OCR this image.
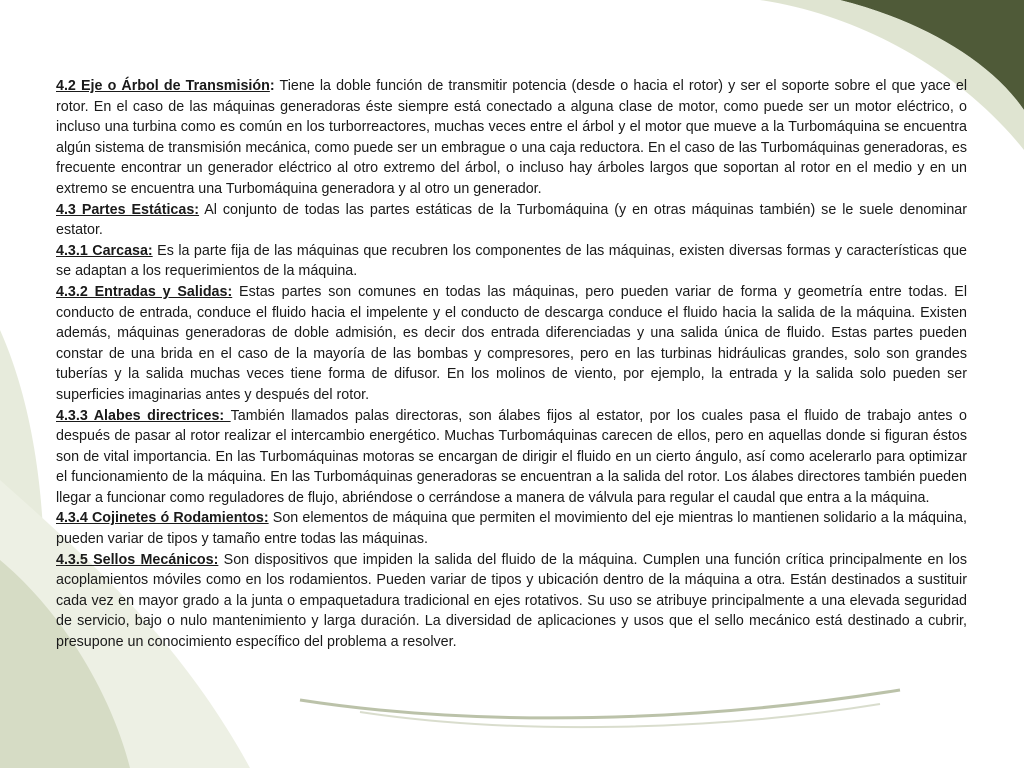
4.2 Eje o Árbol de Transmisión: Tiene la doble función de transmitir potencia (desde o hacia el rotor) y ser el soporte sobre el que yace el rotor. En el caso de las máquinas generadoras éste siempre está conectado a alguna clase de motor, como puede ser un motor eléctrico, o incluso una turbina como es común en los turborreactores, muchas veces entre el árbol y el motor que mueve a la Turbomáquina se encuentra algún sistema de transmisión mecánica, como puede ser un embrague o una caja reductora. En el caso de las Turbomáquinas generadoras, es frecuente encontrar un generador eléctrico al otro extremo del árbol, o incluso hay árboles largos que soportan al rotor en el medio y en un extremo se encuentra una Turbomáquina generadora y al otro un generador.

4.3 Partes Estáticas: Al conjunto de todas las partes estáticas de la Turbomáquina (y en otras máquinas también) se le suele denominar estator.

4.3.1 Carcasa: Es la parte fija de las máquinas que recubren los componentes de las máquinas, existen diversas formas y características que se adaptan a los requerimientos de la máquina.

4.3.2 Entradas y Salidas: Estas partes son comunes en todas las máquinas, pero pueden variar de forma y geometría entre todas. El conducto de entrada, conduce el fluido hacia el impelente y el conducto de descarga conduce el fluido hacia la salida de la máquina. Existen además, máquinas generadoras de doble admisión, es decir dos entrada diferenciadas y una salida única de fluido. Estas partes pueden constar de una brida en el caso de la mayoría de las bombas y compresores, pero en las turbinas hidráulicas grandes, solo son grandes tuberías y la salida muchas veces tiene forma de difusor. En los molinos de viento, por ejemplo, la entrada y la salida solo pueden ser superficies imaginarias antes y después del rotor.

4.3.3 Alabes directrices: También llamados palas directoras, son álabes fijos al estator, por los cuales pasa el fluido de trabajo antes o después de pasar al rotor realizar el intercambio energético. Muchas Turbomáquinas carecen de ellos, pero en aquellas donde si figuran éstos son de vital importancia. En las Turbomáquinas motoras se encargan de dirigir el fluido en un cierto ángulo, así como acelerarlo para optimizar el funcionamiento de la máquina. En las Turbomáquinas generadoras se encuentran a la salida del rotor. Los álabes directores también pueden llegar a funcionar como reguladores de flujo, abriéndose o cerrándose a manera de válvula para regular el caudal que entra a la máquina.

4.3.4 Cojinetes ó Rodamientos: Son elementos de máquina que permiten el movimiento del eje mientras lo mantienen solidario a la máquina, pueden variar de tipos y tamaño entre todas las máquinas.

4.3.5 Sellos Mecánicos: Son dispositivos que impiden la salida del fluido de la máquina. Cumplen una función crítica principalmente en los acoplamientos móviles como en los rodamientos. Pueden variar de tipos y ubicación dentro de la máquina a otra. Están destinados a sustituir cada vez en mayor grado a la junta o empaquetadura tradicional en ejes rotativos. Su uso se atribuye principalmente a una elevada seguridad de servicio, bajo o nulo mantenimiento y larga duración. La diversidad de aplicaciones y usos que el sello mecánico está destinado a cubrir, presupone un conocimiento específico del problema a resolver.
